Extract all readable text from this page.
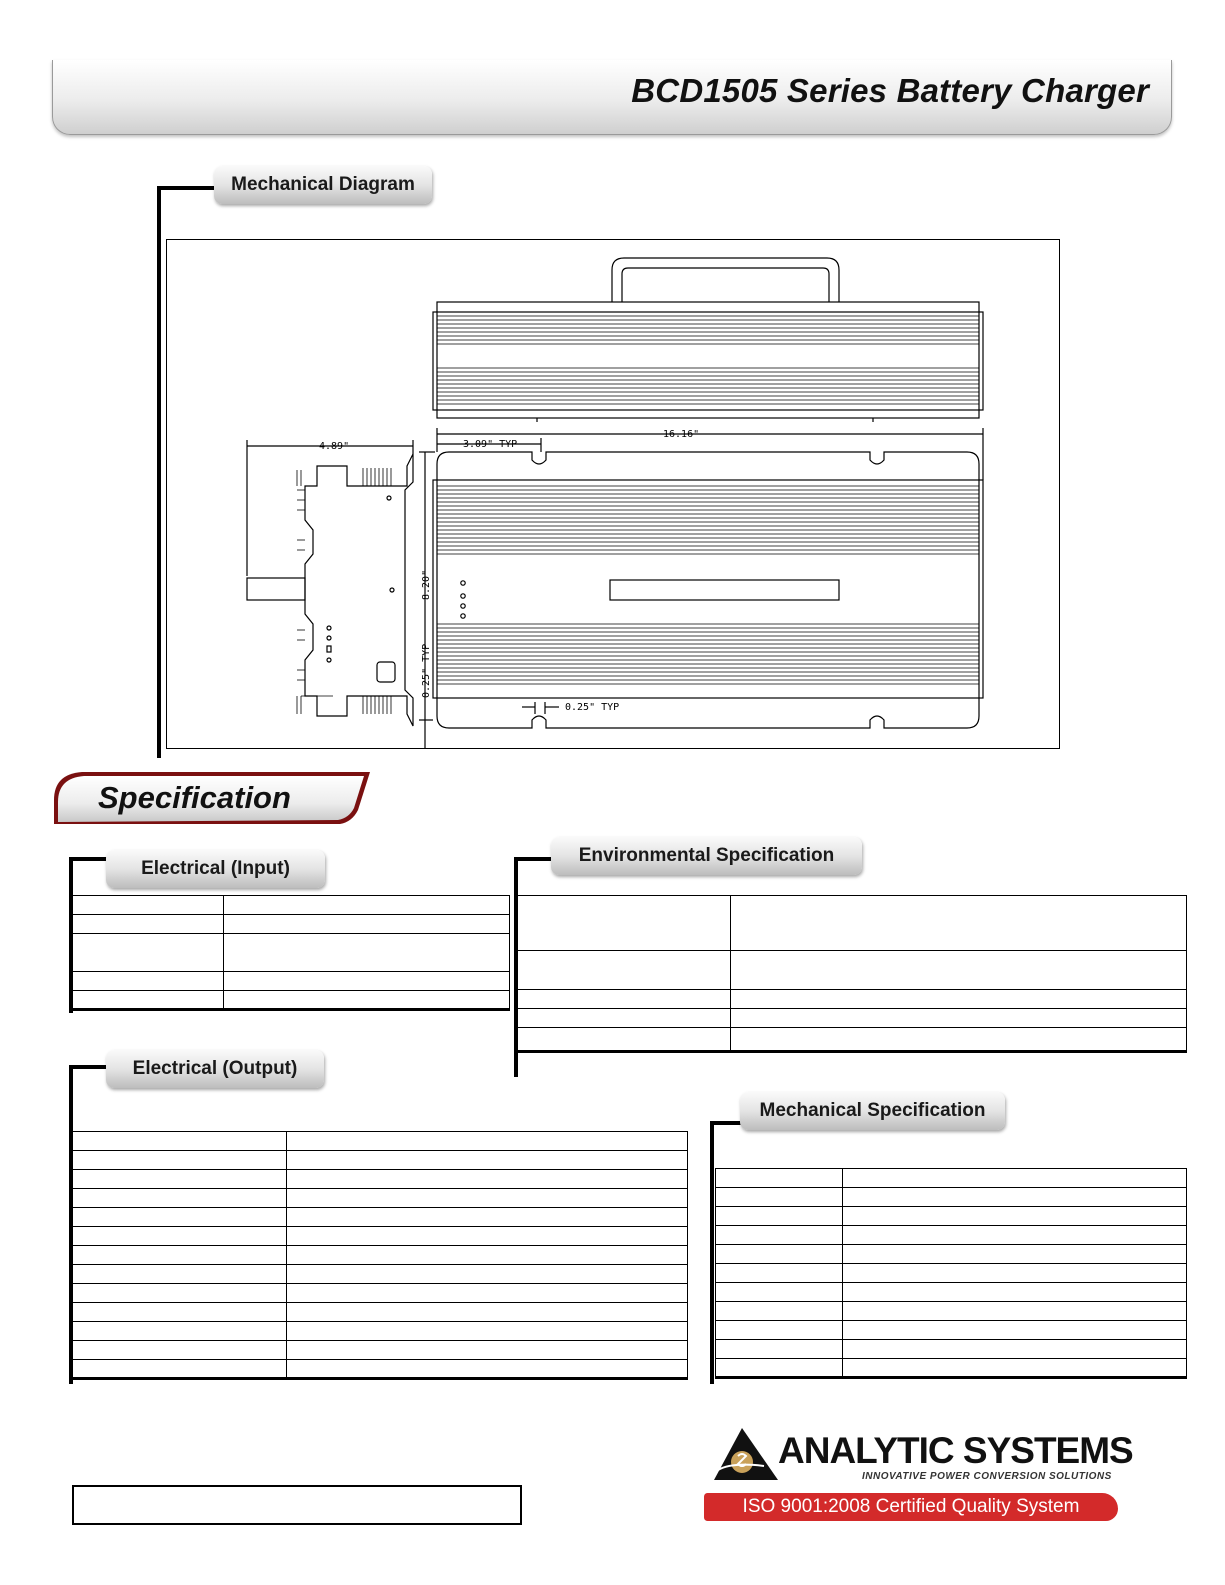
BCD1505 Series Battery Charger
Mechanical Diagram
4.89"	3.09" TYP
16.16"
0.25" TYP
8.20"
0.25" TYP
Specification
Electrical (Input)

Electrical (Output)

Environmental Specification

Mechanical Specification

ANALYTIC SYSTEMS
INNOVATIVE POWER CONVERSION SOLUTIONS
ISO 9001:2008 Certified Quality System
